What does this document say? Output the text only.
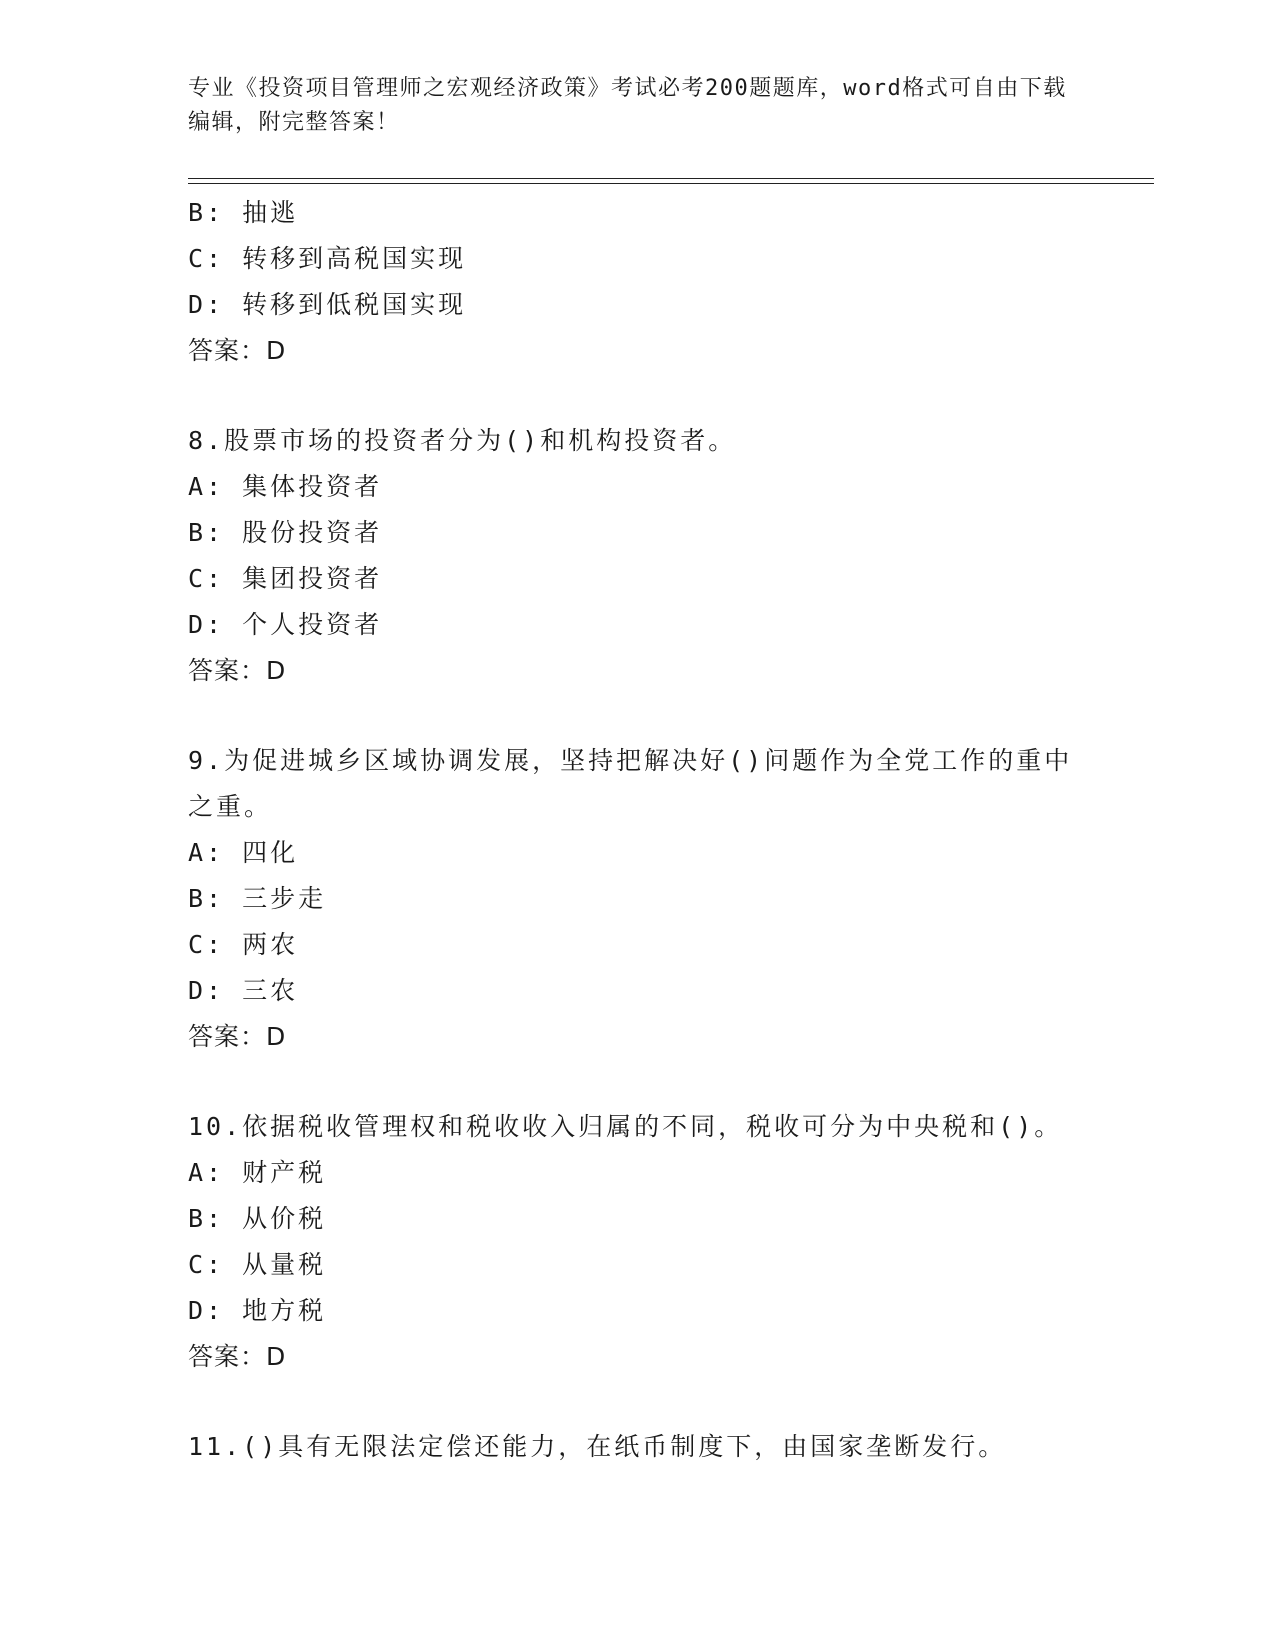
专业《投资项目管理师之宏观经济政策》考试必考200题题库，word格式可自由下载编辑，附完整答案！
B: 抽逃
C: 转移到高税国实现
D: 转移到低税国实现
答案：D
8.股票市场的投资者分为()和机构投资者。
A: 集体投资者
B: 股份投资者
C: 集团投资者
D: 个人投资者
答案：D
9.为促进城乡区域协调发展，坚持把解决好()问题作为全党工作的重中之重。
A: 四化
B: 三步走
C: 两农
D: 三农
答案：D
10.依据税收管理权和税收收入归属的不同，税收可分为中央税和()。
A: 财产税
B: 从价税
C: 从量税
D: 地方税
答案：D
11.()具有无限法定偿还能力，在纸币制度下，由国家垄断发行。
